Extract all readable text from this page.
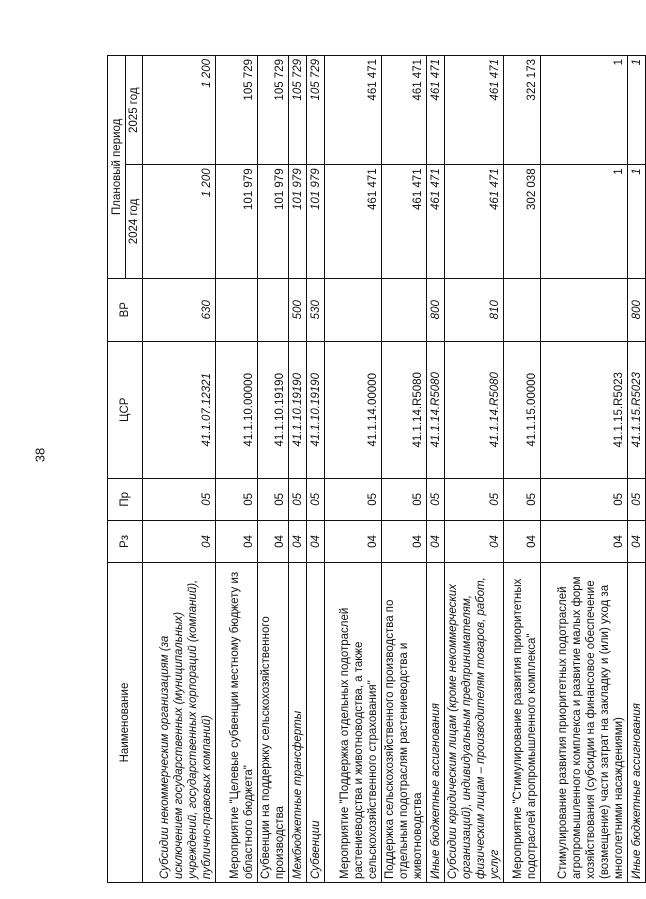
38
Наименование	Рз	Пр	ЦСР	ВР	Плановый период	
					2024 год	2025 год
Субсидии некоммерческим организациям (за исключением государственных (муниципальных) учреждений, государственных корпораций (компаний), публично-правовых компаний)	04	05	41.1.07.12321	630	1 200	1 200
Мероприятие "Целевые субвенции местному бюджету из областного бюджета"	04	05	41.1.10.00000		101 979	105 729
Субвенции на поддержку сельскохозяйственного производства	04	05	41.1.10.19190		101 979	105 729
Межбюджетные трансферты	04	05	41.1.10.19190	500	101 979	105 729
Субвенции	04	05	41.1.10.19190	530	101 979	105 729
Мероприятие "Поддержка отдельных подотраслей растениеводства и животноводства, а также сельскохозяйственного страхования"	04	05	41.1.14.00000		461 471	461 471
Поддержка сельскохозяйственного производства по отдельным подотраслям растениеводства и животноводства	04	05	41.1.14.R5080		461 471	461 471
Иные бюджетные ассигнования	04	05	41.1.14.R5080	800	461 471	461 471
Субсидии юридическим лицам (кроме некоммерческих организаций), индивидуальным предпринимателям, физическим лицам – производителям товаров, работ, услуг	04	05	41.1.14.R5080	810	461 471	461 471
Мероприятие "Стимулирование развития приоритетных подотраслей агропромышленного комплекса"	04	05	41.1.15.00000		302 038	322 173
Стимулирование развития приоритетных подотраслей агропромышленного комплекса и развитие малых форм хозяйствования (субсидии на финансовое обеспечение (возмещение) части затрат на закладку и (или) уход за многолетними насаждениями)	04	05	41.1.15.R5023		1	1
Иные бюджетные ассигнования	04	05	41.1.15.R5023	800	1	1
